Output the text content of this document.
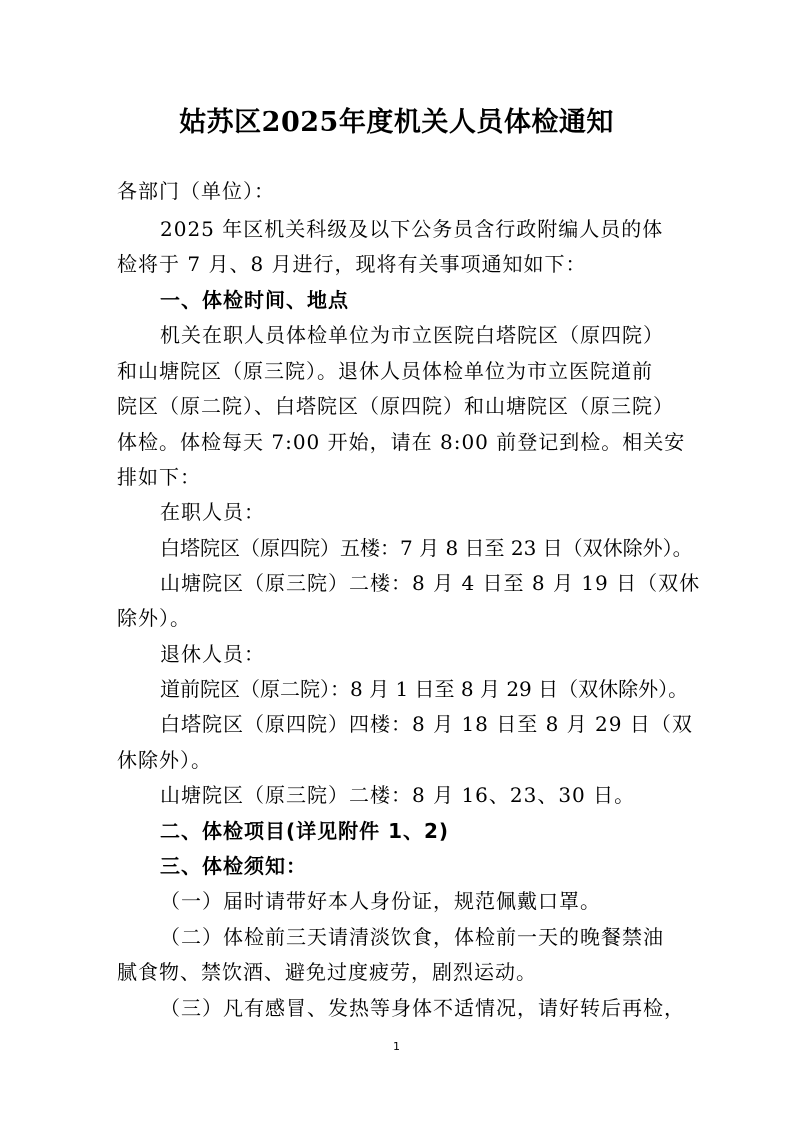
姑苏区2025年度机关人员体检通知
各部门（单位）：
2025 年区机关科级及以下公务员含行政附编人员的体
检将于 7 月、8 月进行，现将有关事项通知如下：
一、体检时间、地点
机关在职人员体检单位为市立医院白塔院区（原四院）
和山塘院区（原三院）。退休人员体检单位为市立医院道前
院区（原二院）、白塔院区（原四院）和山塘院区（原三院）
体检。体检每天 7:00 开始，请在 8:00 前登记到检。相关安
排如下：
在职人员：
白塔院区（原四院）五楼：7 月 8 日至 23 日（双休除外）。
山塘院区（原三院）二楼：8 月 4 日至 8 月 19 日（双休
除外）。
退休人员：
道前院区（原二院）：8 月 1 日至 8 月 29 日（双休除外）。
白塔院区（原四院）四楼：8 月 18 日至 8 月 29 日（双
休除外）。
山塘院区（原三院）二楼：8 月 16、23、30 日。
二、体检项目(详见附件 1、2)
三、体检须知：
（一）届时请带好本人身份证，规范佩戴口罩。
（二）体检前三天请清淡饮食，体检前一天的晚餐禁油
腻食物、禁饮酒、避免过度疲劳，剧烈运动。
（三）凡有感冒、发热等身体不适情况，请好转后再检，
1
